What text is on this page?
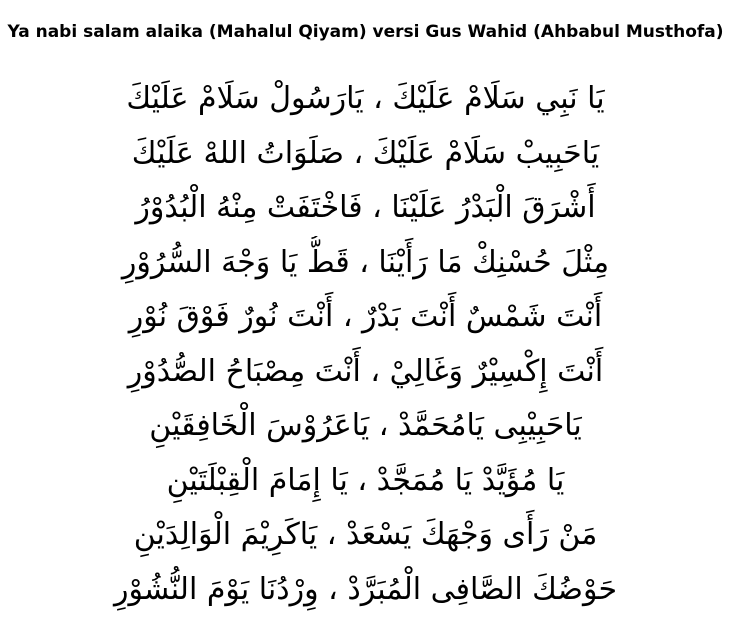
Ya nabi salam alaika (Mahalul Qiyam) versi Gus Wahid (Ahbabul Musthofa)
يَا نَبِي سَلَامْ عَلَيْكَ ، يَارَسُولْ سَلَامْ عَلَيْكَ
يَاحَبِيبْ سَلَامْ عَلَيْكَ ، صَلَوَاتُ اللهْ عَلَيْكَ
أَشْرَقَ الْبَدْرُ عَلَيْنَا ، فَاخْتَفَتْ مِنْهُ الْبُدُوْرُ
مِثْلَ حُسْنِكْ مَا رَأَيْنَا ، قَطُّ يَا وَجْهَ السُّرُوْرِ
أَنْتَ شَمْسٌ أَنْتَ بَدْرٌ ، أَنْتَ نُورٌ فَوْقَ نُوْرِ
أَنْتَ إِكْسِيْرٌ وَغَالِيْ ، أَنْتَ مِصْبَاحُ الصُّدُوْرِ
يَاحَبِيْبِى يَامُحَمَّدْ ، يَاعَرُوْسَ الْخَافِقَيْنِ
يَا مُؤَيَّدْ يَا مُمَجَّدْ ، يَا إِمَامَ الْقِبْلَتَيْنِ
مَنْ رَأَى وَجْهَكَ يَسْعَدْ ، يَاكَرِيْمَ الْوَالِدَيْنِ
حَوْضُكَ الصَّافِى الْمُبَرَّدْ ، وِرْدُنَا يَوْمَ النُّشُوْرِ
